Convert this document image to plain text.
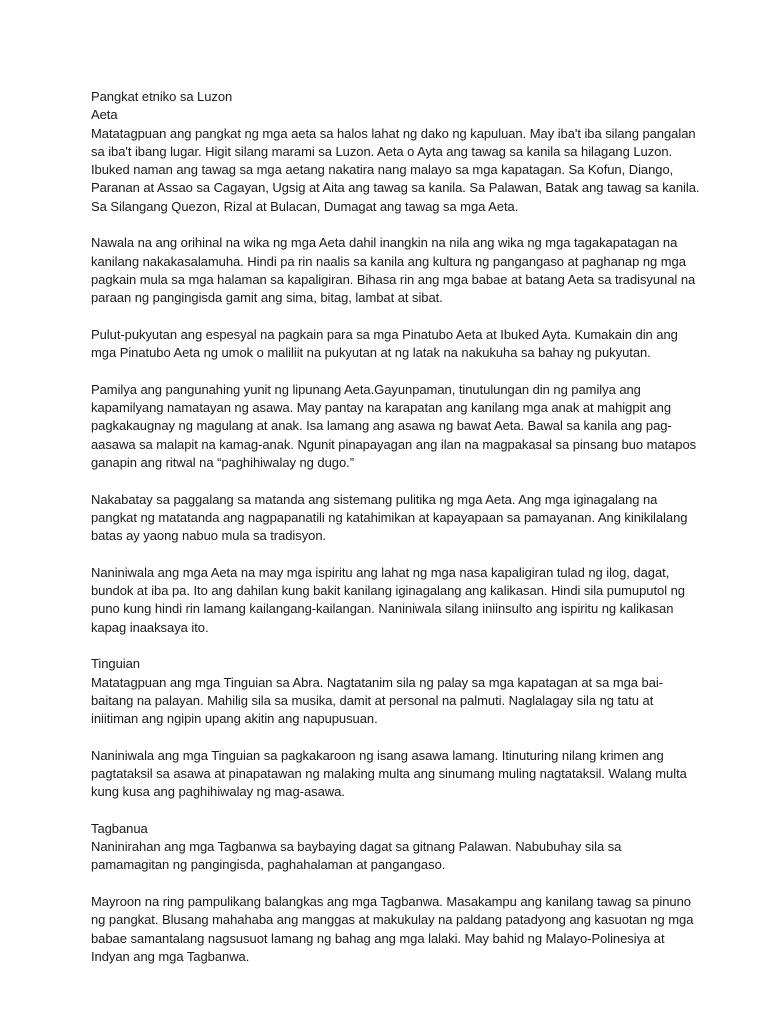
Pangkat etniko sa Luzon
Aeta
Matatagpuan ang pangkat ng mga aeta sa halos lahat ng dako ng kapuluan. May iba't iba silang pangalan
sa iba't ibang lugar. Higit silang marami sa Luzon. Aeta o Ayta ang tawag sa kanila sa hilagang Luzon.
Ibuked naman ang tawag sa mga aetang nakatira nang malayo sa mga kapatagan. Sa Kofun, Diango,
Paranan at Assao sa Cagayan, Ugsig at Aita ang tawag sa kanila. Sa Palawan, Batak ang tawag sa kanila.
Sa Silangang Quezon, Rizal at Bulacan, Dumagat ang tawag sa mga Aeta.
Nawala na ang orihinal na wika ng mga Aeta dahil inangkin na nila ang wika ng mga tagakapatagan na
kanilang nakakasalamuha. Hindi pa rin naalis sa kanila ang kultura ng pangangaso at paghanap ng mga
pagkain mula sa mga halaman sa kapaligiran. Bihasa rin ang mga babae at batang Aeta sa tradisyunal na
paraan ng pangingisda gamit ang sima, bitag, lambat at sibat.
Pulut-pukyutan ang espesyal na pagkain para sa mga Pinatubo Aeta at Ibuked Ayta. Kumakain din ang
mga Pinatubo Aeta ng umok o maliliit na pukyutan at ng latak na nakukuha sa bahay ng pukyutan.
Pamilya ang pangunahing yunit ng lipunang Aeta.Gayunpaman, tinutulungan din ng pamilya ang
kapamilyang namatayan ng asawa. May pantay na karapatan ang kanilang mga anak at mahigpit ang
pagkakaugnay ng magulang at anak. Isa lamang ang asawa ng bawat Aeta. Bawal sa kanila ang pag-
aasawa sa malapit na kamag-anak. Ngunit pinapayagan ang ilan na magpakasal sa pinsang buo matapos
ganapin ang ritwal na “paghihiwalay ng dugo.”
Nakabatay sa paggalang sa matanda ang sistemang pulitika ng mga Aeta. Ang mga iginagalang na
pangkat ng matatanda ang nagpapanatili ng katahimikan at kapayapaan sa pamayanan. Ang kinikilalang
batas ay yaong nabuo mula sa tradisyon.
Naniniwala ang mga Aeta na may mga ispiritu ang lahat ng mga nasa kapaligiran tulad ng ilog, dagat,
bundok at iba pa. Ito ang dahilan kung bakit kanilang iginagalang ang kalikasan. Hindi sila pumuputol ng
puno kung hindi rin lamang kailangang-kailangan. Naniniwala silang iniinsulto ang ispiritu ng kalikasan
kapag inaaksaya ito.
Tinguian
Matatagpuan ang mga Tinguian sa Abra. Nagtatanim sila ng palay sa mga kapatagan at sa mga bai-
baitang na palayan. Mahilig sila sa musika, damit at personal na palmuti. Naglalagay sila ng tatu at
iniitiman ang ngipin upang akitin ang napupusuan.
Naniniwala ang mga Tinguian sa pagkakaroon ng isang asawa lamang. Itinuturing nilang krimen ang
pagtataksil sa asawa at pinapatawan ng malaking multa ang sinumang muling nagtataksil. Walang multa
kung kusa ang paghihiwalay ng mag-asawa.
Tagbanua
Naninirahan ang mga Tagbanwa sa baybaying dagat sa gitnang Palawan. Nabubuhay sila sa
pamamagitan ng pangingisda, paghahalaman at pangangaso.
Mayroon na ring pampulikang balangkas ang mga Tagbanwa. Masakampu ang kanilang tawag sa pinuno
ng pangkat. Blusang mahahaba ang manggas at makukulay na paldang patadyong ang kasuotan ng mga
babae samantalang nagsusuot lamang ng bahag ang mga lalaki. May bahid ng Malayo-Polinesiya at
Indyan ang mga Tagbanwa.
